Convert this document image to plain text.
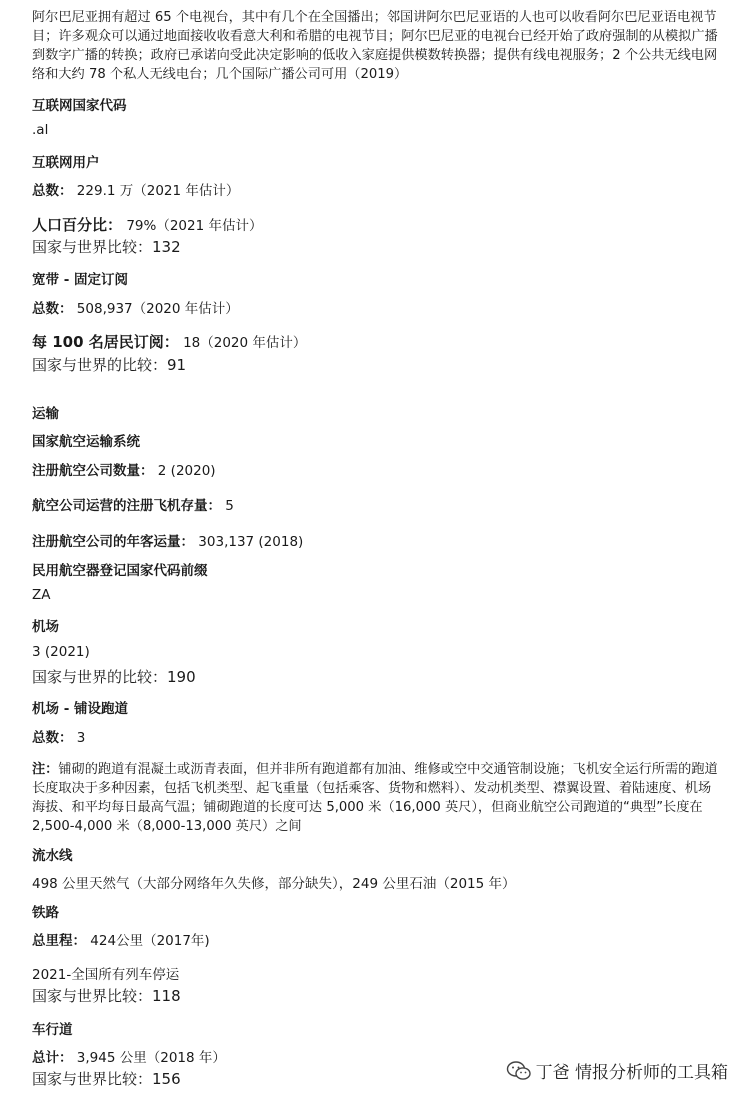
阿尔巴尼亚拥有超过 65 个电视台，其中有几个在全国播出；邻国讲阿尔巴尼亚语的人也可以收看阿尔巴尼亚语电视节目；许多观众可以通过地面接收收看意大利和希腊的电视节目；阿尔巴尼亚的电视台已经开始了政府强制的从模拟广播到数字广播的转换；政府已承诺向受此决定影响的低收入家庭提供模数转换器；提供有线电视服务；2 个公共无线电网络和大约 78 个私人无线电台；几个国际广播公司可用（2019）

互联网国家代码

.al

互联网用户

总数： 229.1 万（2021 年估计）

人口百分比： 79%（2021 年估计）

国家与世界比较：132

宽带 - 固定订阅

总数： 508,937（2020 年估计）

每 100 名居民订阅： 18（2020 年估计）

国家与世界的比较：91

运输

国家航空运输系统

注册航空公司数量： 2 (2020)

航空公司运营的注册飞机存量： 5

注册航空公司的年客运量： 303,137 (2018)

民用航空器登记国家代码前缀

ZA

机场

3 (2021)

国家与世界的比较：190

机场 - 铺设跑道

总数： 3

注：铺砌的跑道有混凝土或沥青表面，但并非所有跑道都有加油、维修或空中交通管制设施；飞机安全运行所需的跑道长度取决于多种因素，包括飞机类型、起飞重量（包括乘客、货物和燃料）、发动机类型、襟翼设置、着陆速度、机场海拔、和平均每日最高气温；铺砌跑道的长度可达 5,000 米（16,000 英尺），但商业航空公司跑道的“典型”长度在 2,500-4,000 米（8,000-13,000 英尺）之间

流水线

498 公里天然气（大部分网络年久失修，部分缺失），249 公里石油（2015 年）

铁路

总里程： 424公里（2017年)

2021-全国所有列车停运

国家与世界比较：118

车行道

总计： 3,945 公里（2018 年）

国家与世界比较：156	丁爸 情报分析师的工具箱
